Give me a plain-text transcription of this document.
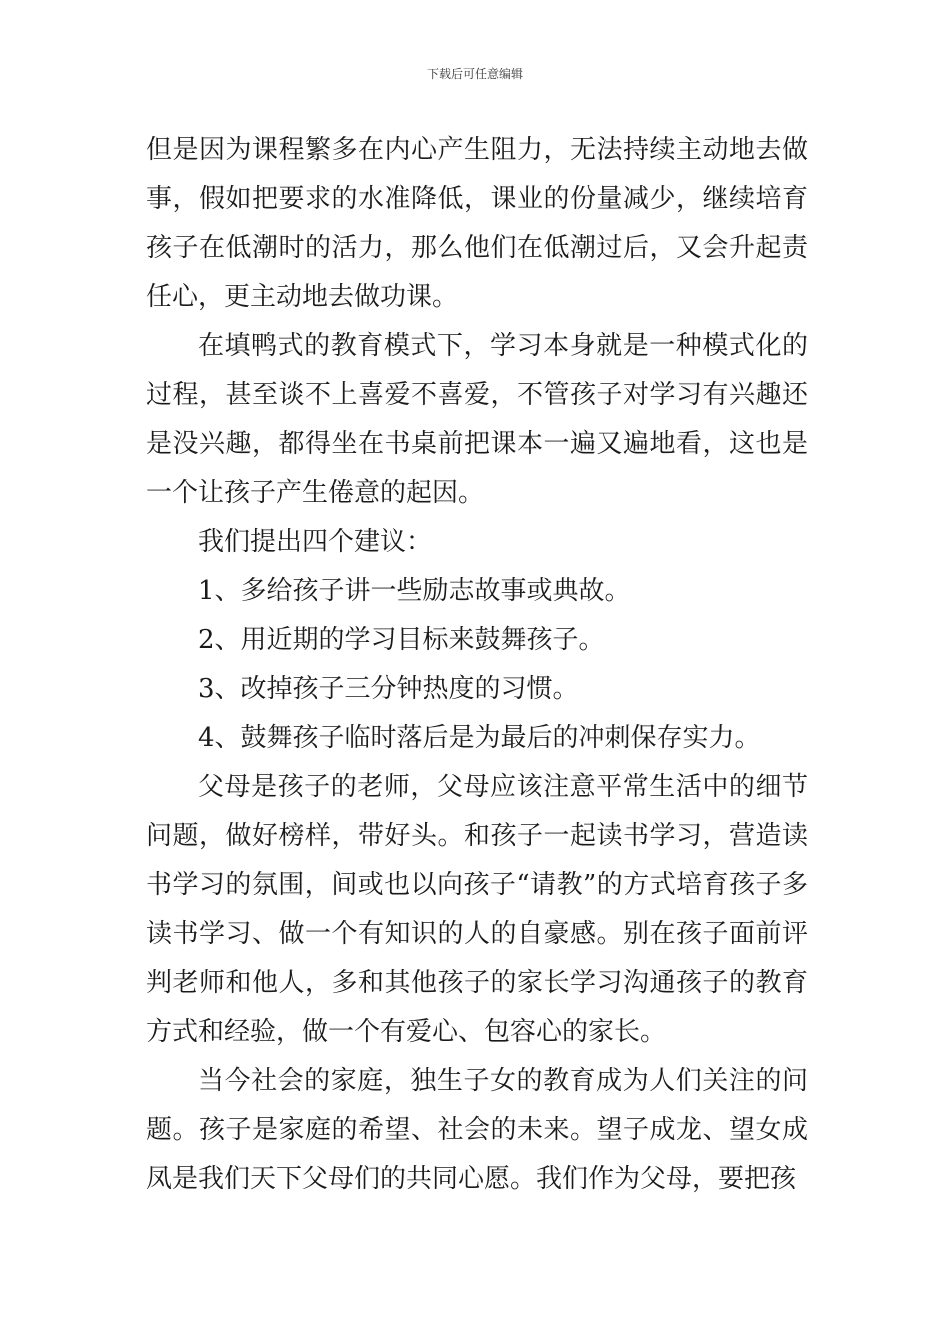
下载后可任意编辑

但是因为课程繁多在内心产生阻力，无法持续主动地去做事，假如把要求的水准降低，课业的份量减少，继续培育孩子在低潮时的活力，那么他们在低潮过后，又会升起责任心，更主动地去做功课。

在填鸭式的教育模式下，学习本身就是一种模式化的过程，甚至谈不上喜爱不喜爱，不管孩子对学习有兴趣还是没兴趣，都得坐在书桌前把课本一遍又遍地看，这也是一个让孩子产生倦意的起因。

我们提出四个建议：

1、多给孩子讲一些励志故事或典故。

2、用近期的学习目标来鼓舞孩子。

3、改掉孩子三分钟热度的习惯。

4、鼓舞孩子临时落后是为最后的冲刺保存实力。

父母是孩子的老师，父母应该注意平常生活中的细节问题，做好榜样，带好头。和孩子一起读书学习，营造读书学习的氛围，间或也以向孩子“请教”的方式培育孩子多读书学习、做一个有知识的人的自豪感。别在孩子面前评判老师和他人，多和其他孩子的家长学习沟通孩子的教育方式和经验，做一个有爱心、包容心的家长。

当今社会的家庭，独生子女的教育成为人们关注的问题。孩子是家庭的希望、社会的未来。望子成龙、望女成凤是我们天下父母们的共同心愿。我们作为父母，要把孩
